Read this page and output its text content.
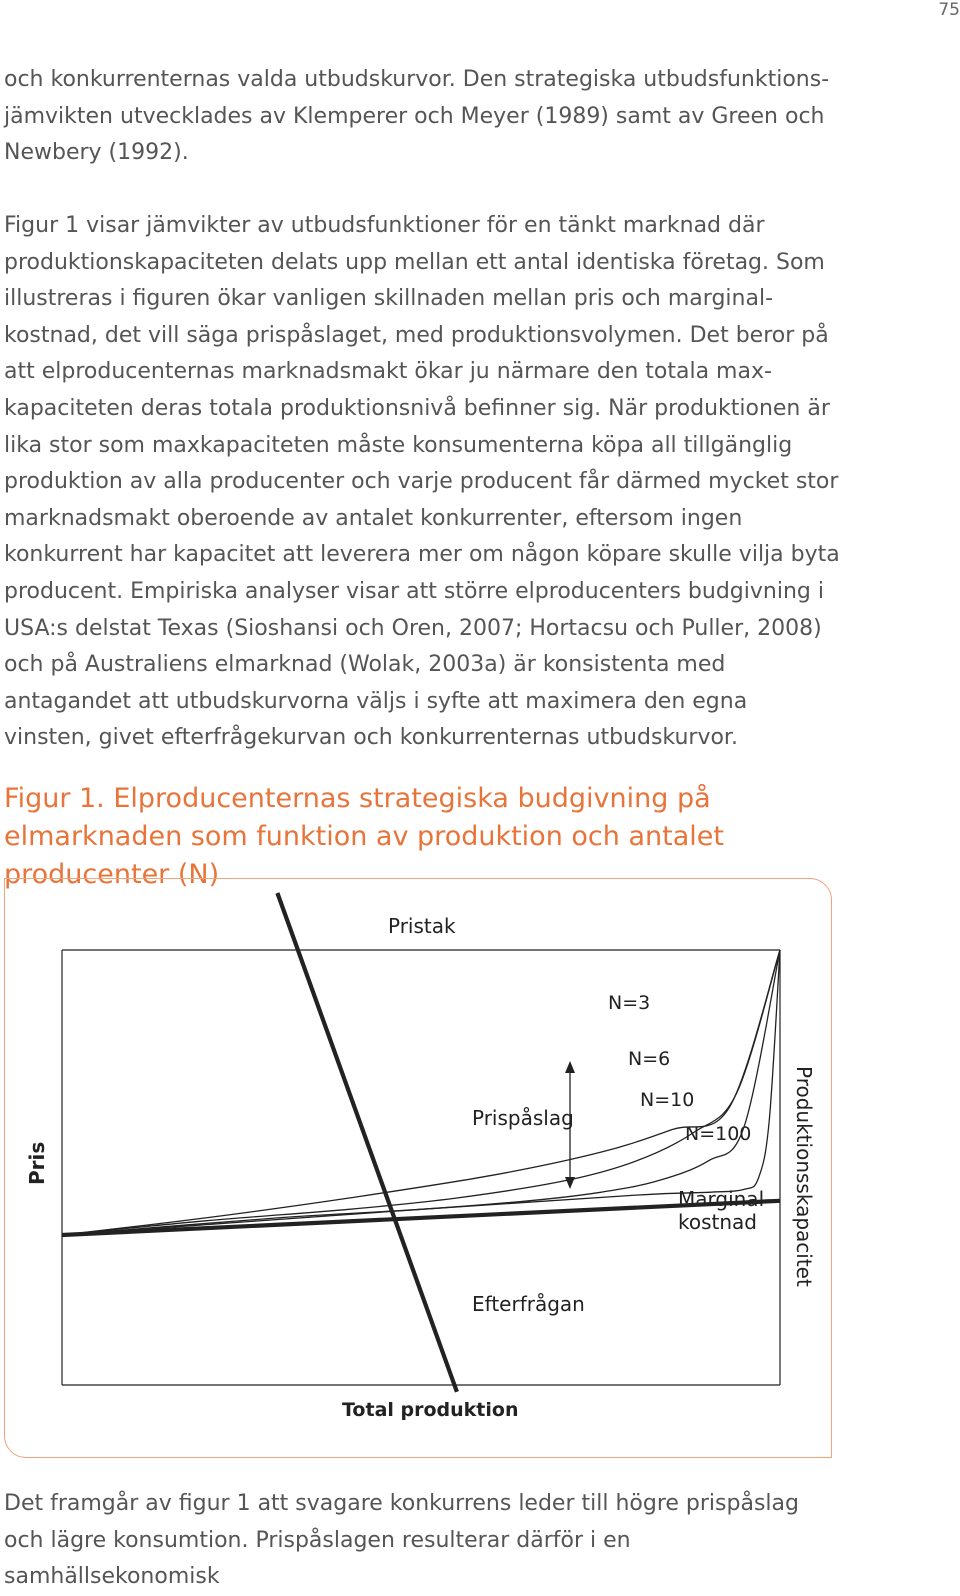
75

och konkurrenternas valda utbudskurvor. Den strategiska utbudsfunktionsjämvikten utvecklades av Klemperer och Meyer (1989) samt av Green och Newbery (1992).

Figur 1 visar jämvikter av utbudsfunktioner för en tänkt marknad där produktionskapaciteten delats upp mellan ett antal identiska företag. Som illustreras i figuren ökar vanligen skillnaden mellan pris och marginalkostnad, det vill säga prispåslaget, med produktionsvolymen. Det beror på att elproducenternas marknadsmakt ökar ju närmare den totala maxkapaciteten deras totala produktionsnivå befinner sig. När produktionen är lika stor som maxkapaciteten måste konsumenterna köpa all tillgänglig produktion av alla producenter och varje producent får därmed mycket stor marknadsmakt oberoende av antalet konkurrenter, eftersom ingen konkurrent har kapacitet att leverera mer om någon köpare skulle vilja byta producent. Empiriska analyser visar att större elproducenters budgivning i USA:s delstat Texas (Sioshansi och Oren, 2007; Hortacsu och Puller, 2008) och på Australiens elmarknad (Wolak, 2003a) är konsistenta med antagandet att utbudskurvorna väljs i syfte att maximera den egna vinsten, givet efterfrågekurvan och konkurrenternas utbudskurvor.

Figur 1. Elproducenternas strategiska budgivning på elmarknaden som funktion av produktion och antalet producenter (N)
Pristak
N=3
N=6
N=10
N=100
Prispåslag
Marginal-
kostnad
Efterfrågan
Total produktion
Pris	Produktionsskapacitet

Det framgår av figur 1 att svagare konkurrens leder till högre prispåslag och lägre konsumtion. Prispåslagen resulterar därför i en samhällsekonomisk
